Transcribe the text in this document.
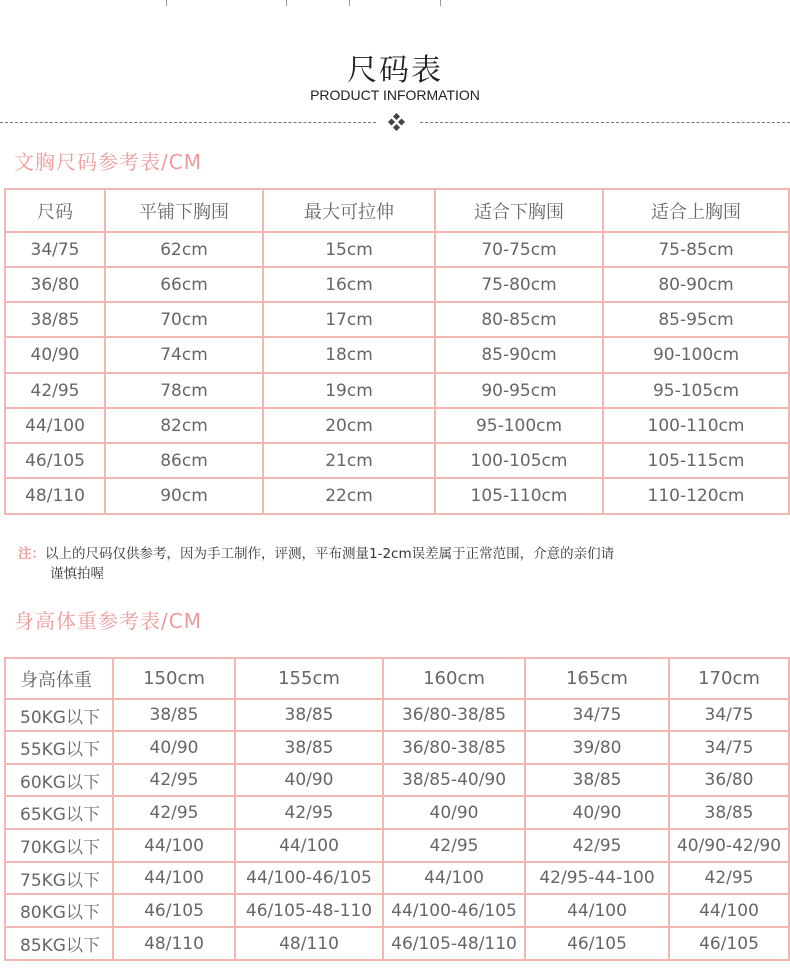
尺码表
PRODUCT INFORMATION
文胸尺码参考表/CM
尺码	平铺下胸围	最大可拉伸	适合下胸围	适合上胸围
34/75	62cm	15cm	70-75cm	75-85cm
36/80	66cm	16cm	75-80cm	80-90cm
38/85	70cm	17cm	80-85cm	85-95cm
40/90	74cm	18cm	85-90cm	90-100cm
42/95	78cm	19cm	90-95cm	95-105cm
44/100	82cm	20cm	95-100cm	100-110cm
46/105	86cm	21cm	100-105cm	105-115cm
48/110	90cm	22cm	105-110cm	110-120cm
注：以上的尺码仅供参考，因为手工制作，评测，平布测量1-2cm误差属于正常范围，介意的亲们请
谨慎拍喔
身高体重参考表/CM
身高体重	150cm	155cm	160cm	165cm	170cm
50KG以下	38/85	38/85	36/80-38/85	34/75	34/75
55KG以下	40/90	38/85	36/80-38/85	39/80	34/75
60KG以下	42/95	40/90	38/85-40/90	38/85	36/80
65KG以下	42/95	42/95	40/90	40/90	38/85
70KG以下	44/100	44/100	42/95	42/95	40/90-42/90
75KG以下	44/100	44/100-46/105	44/100	42/95-44-100	42/95
80KG以下	46/105	46/105-48-110	44/100-46/105	44/100	44/100
85KG以下	48/110	48/110	46/105-48/110	46/105	46/105
